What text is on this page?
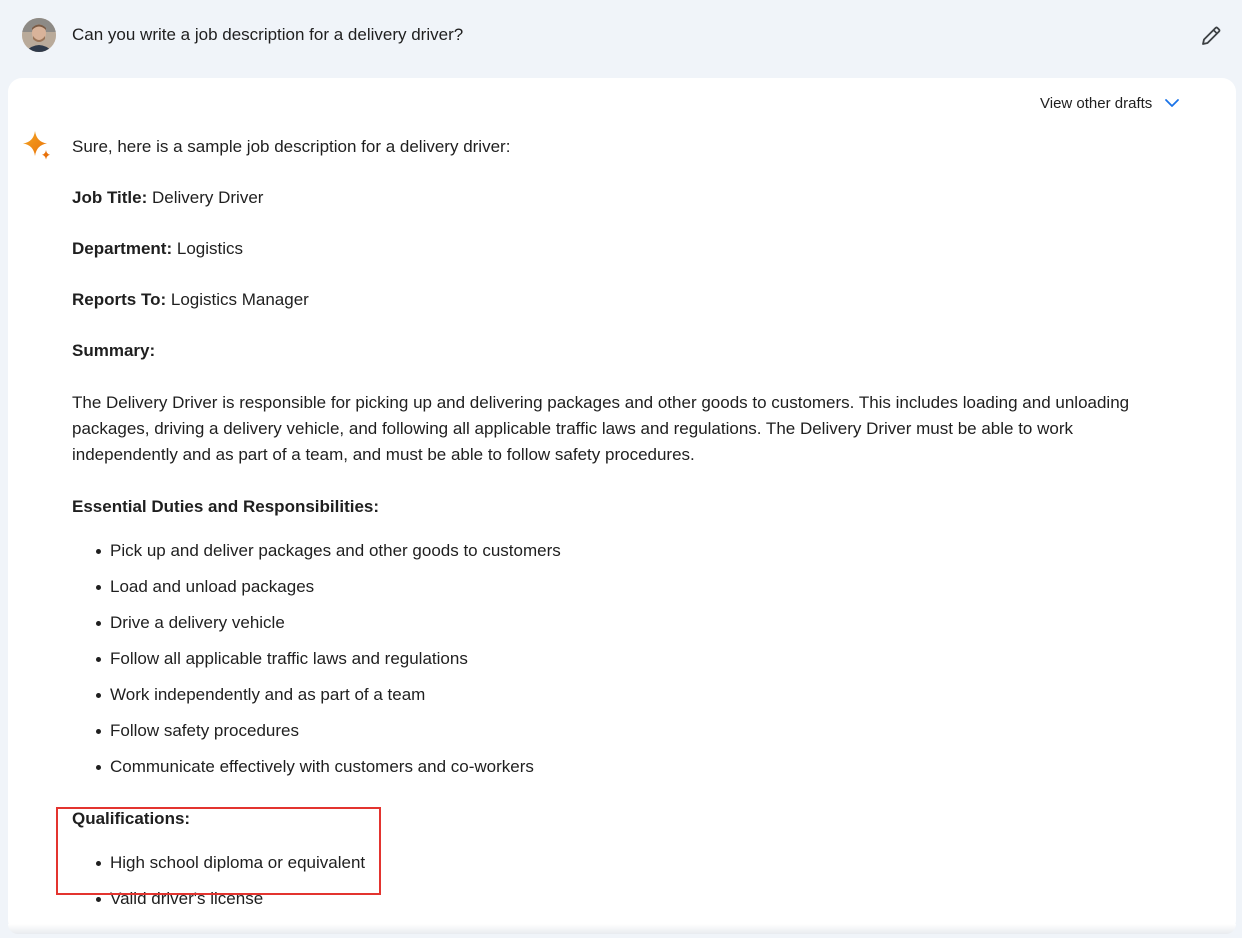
Can you write a job description for a delivery driver?
View other drafts

Sure, here is a sample job description for a delivery driver:

Job Title: Delivery Driver

Department: Logistics

Reports To: Logistics Manager

Summary:

The Delivery Driver is responsible for picking up and delivering packages and other goods to customers. This includes loading and unloading packages, driving a delivery vehicle, and following all applicable traffic laws and regulations. The Delivery Driver must be able to work independently and as part of a team, and must be able to follow safety procedures.

Essential Duties and Responsibilities:

Pick up and deliver packages and other goods to customers
Load and unload packages
Drive a delivery vehicle
Follow all applicable traffic laws and regulations
Work independently and as part of a team
Follow safety procedures
Communicate effectively with customers and co-workers

Qualifications:

High school diploma or equivalent
Valid driver's license
